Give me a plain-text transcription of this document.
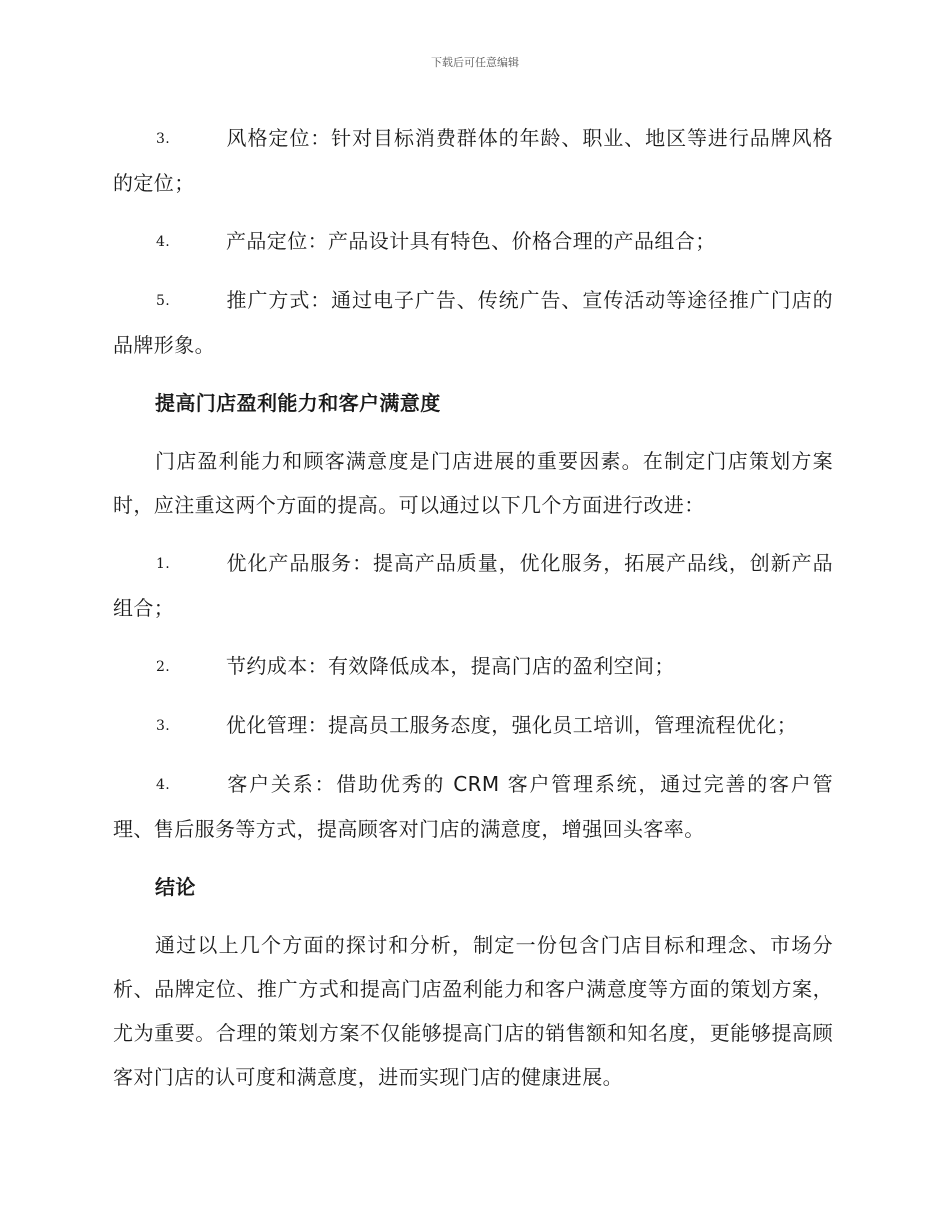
下载后可任意编辑
3.	风格定位：针对目标消费群体的年龄、职业、地区等进行品牌风格的定位；
4.	产品定位：产品设计具有特色、价格合理的产品组合；
5.	推广方式：通过电子广告、传统广告、宣传活动等途径推广门店的品牌形象。
提高门店盈利能力和客户满意度

门店盈利能力和顾客满意度是门店进展的重要因素。在制定门店策划方案时，应注重这两个方面的提高。可以通过以下几个方面进行改进：

1.	优化产品服务：提高产品质量，优化服务，拓展产品线，创新产品组合；
2.	节约成本：有效降低成本，提高门店的盈利空间；
3.	优化管理：提高员工服务态度，强化员工培训，管理流程优化；
4.	客户关系：借助优秀的 CRM 客户管理系统，通过完善的客户管理、售后服务等方式，提高顾客对门店的满意度，增强回头客率。
结论

通过以上几个方面的探讨和分析，制定一份包含门店目标和理念、市场分析、品牌定位、推广方式和提高门店盈利能力和客户满意度等方面的策划方案，尤为重要。合理的策划方案不仅能够提高门店的销售额和知名度，更能够提高顾客对门店的认可度和满意度，进而实现门店的健康进展。
